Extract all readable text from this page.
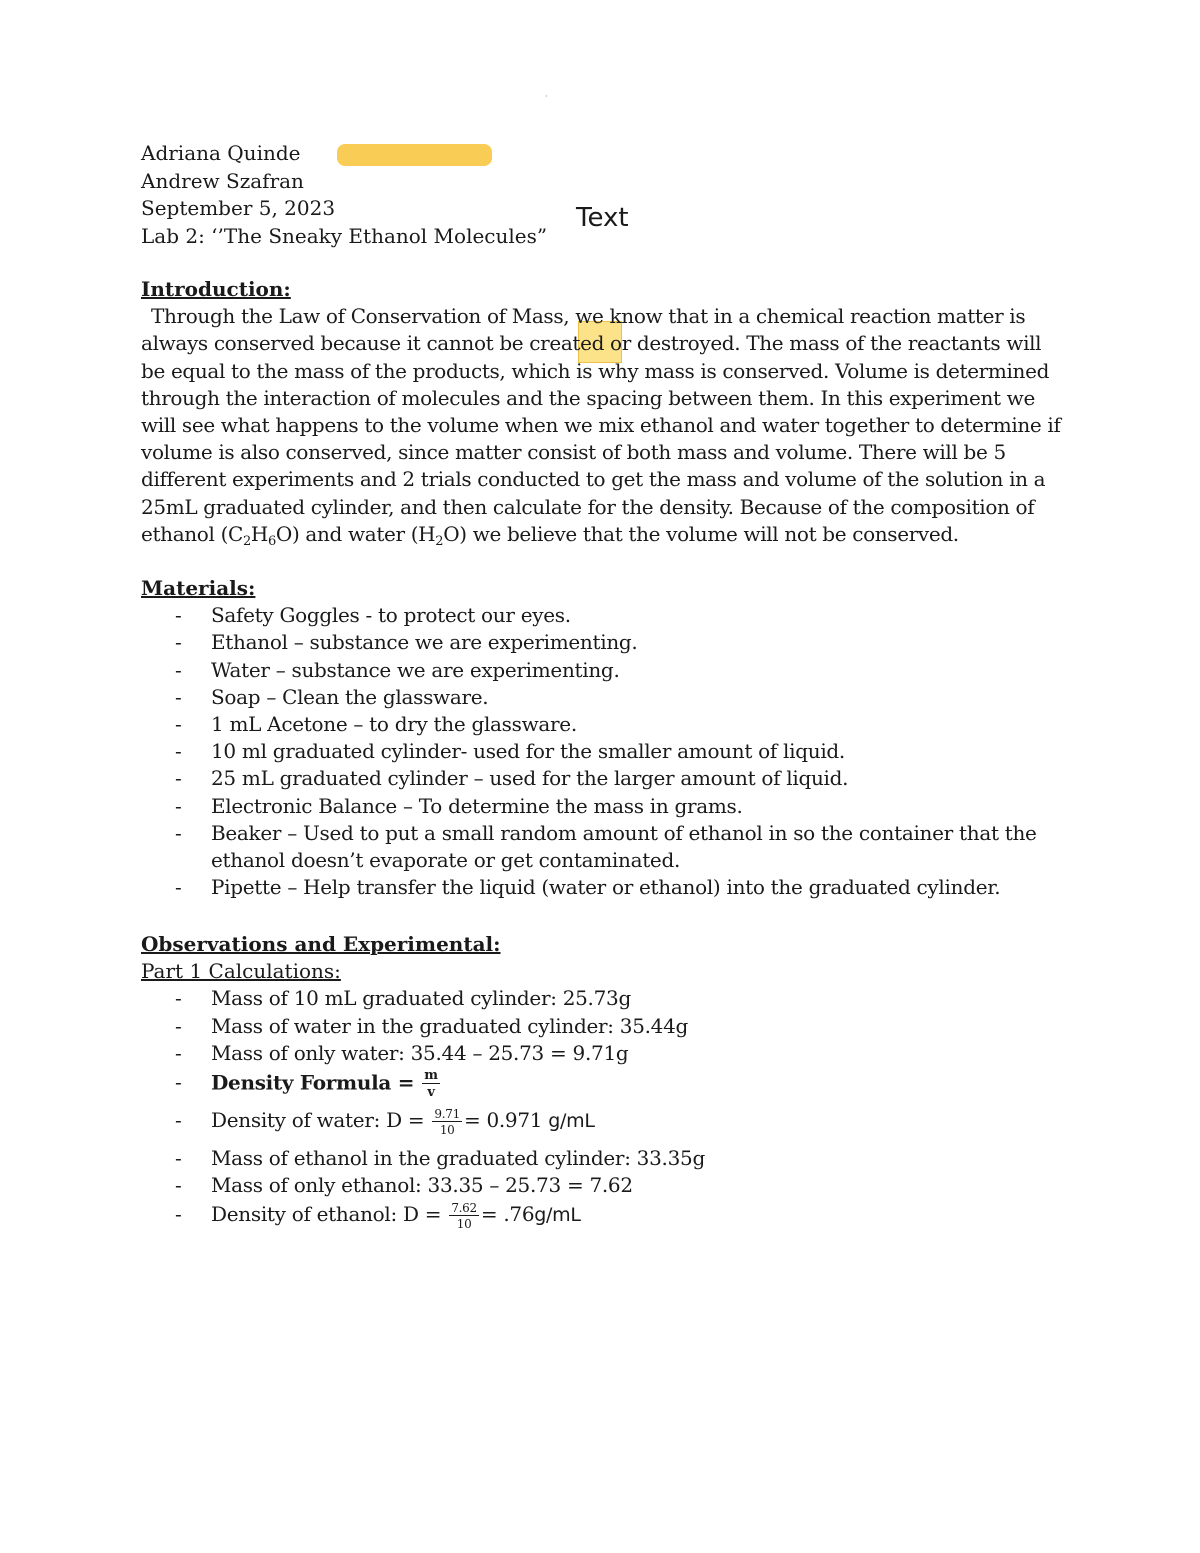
·
Text
Adriana Quinde
Andrew Szafran
September 5, 2023
Lab 2: ‘’The Sneaky Ethanol Molecules”
Introduction:
Through the Law of Conservation of Mass, we know that in a chemical reaction matter is always conserved because it cannot be created or destroyed. The mass of the reactants will be equal to the mass of the products, which is why mass is conserved. Volume is determined through the interaction of molecules and the spacing between them. In this experiment we will see what happens to the volume when we mix ethanol and water together to determine if volume is also conserved, since matter consist of both mass and volume. There will be 5 different experiments and 2 trials conducted to get the mass and volume of the solution in a 25mL graduated cylinder, and then calculate for the density. Because of the composition of ethanol $(C_2H_6O)$ and water $(H_2O)$ we believe that the volume will not be conserved.
Materials:
- Safety Goggles - to protect our eyes.
- Ethanol – substance we are experimenting.
- Water – substance we are experimenting.
- Soap – Clean the glassware.
- 1 mL Acetone – to dry the glassware.
- 10 ml graduated cylinder- used for the smaller amount of liquid.
- 25 mL graduated cylinder – used for the larger amount of liquid.
- Electronic Balance – To determine the mass in grams.
- Beaker – Used to put a small random amount of ethanol in so the container that the ethanol doesn’t evaporate or get contaminated.
- Pipette – Help transfer the liquid (water or ethanol) into the graduated cylinder.
Observations and Experimental:
Part 1 Calculations:
- Mass of 10 mL graduated cylinder: 25.73g
- Mass of water in the graduated cylinder: 35.44g
- Mass of only water: 35.44 – 25.73 = 9.71g
- Density Formula = $\frac{m}{v}$
- Density of water: $D = \frac{9.71}{10} = 0.971$ g/mL
- Mass of ethanol in the graduated cylinder: 33.35g
- Mass of only ethanol: 33.35 – 25.73 = 7.62
- Density of ethanol: $D = \frac{7.62}{10} = .76g/mL$
